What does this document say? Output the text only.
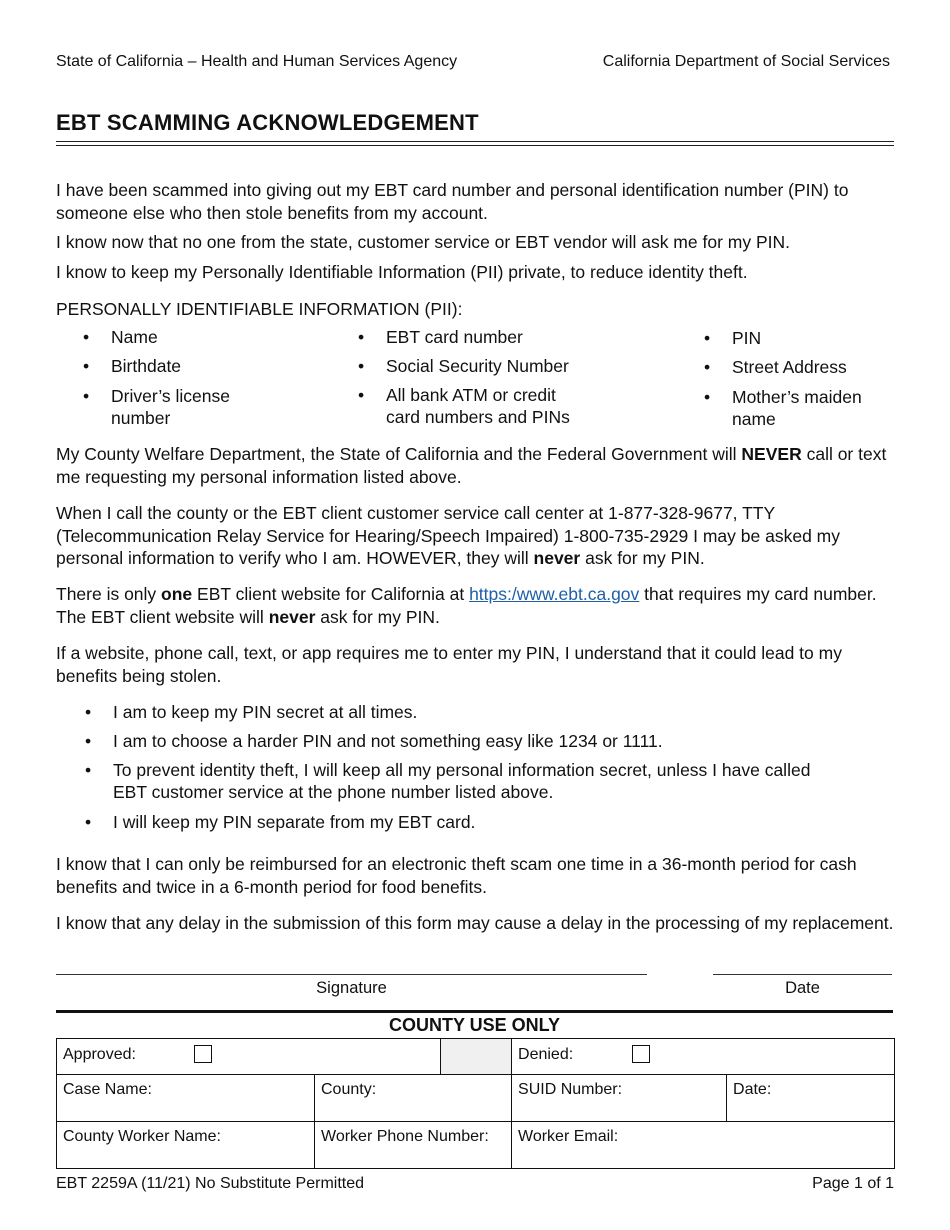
State of California – Health and Human Services Agency	California Department of Social Services
EBT SCAMMING ACKNOWLEDGEMENT

I have been scammed into giving out my EBT card number and personal identification number (PIN) to someone else who then stole benefits from my account.

I know now that no one from the state, customer service or EBT vendor will ask me for my PIN.

I know to keep my Personally Identifiable Information (PII) private, to reduce identity theft.

PERSONALLY IDENTIFIABLE INFORMATION (PII):
• Name
• Birthdate
• Driver’s license
number
• EBT card number
• Social Security Number
• All bank ATM or credit
card numbers and PINs
• PIN
• Street Address
• Mother’s maiden
name

My County Welfare Department, the State of California and the Federal Government will NEVER call or text me requesting my personal information listed above.

When I call the county or the EBT client customer service call center at 1-877-328-9677, TTY (Telecommunication Relay Service for Hearing/Speech Impaired) 1-800-735-2929 I may be asked my personal information to verify who I am. HOWEVER, they will never ask for my PIN.

There is only one EBT client website for California at https:/www.ebt.ca.gov that requires my card number. The EBT client website will never ask for my PIN.

If a website, phone call, text, or app requires me to enter my PIN, I understand that it could lead to my benefits being stolen.

• I am to keep my PIN secret at all times.
• I am to choose a harder PIN and not something easy like 1234 or 1111.
• To prevent identity theft, I will keep all my personal information secret, unless I have called
EBT customer service at the phone number listed above.
• I will keep my PIN separate from my EBT card.

I know that I can only be reimbursed for an electronic theft scam one time in a 36-month period for cash benefits and twice in a 6-month period for food benefits.

I know that any delay in the submission of this form may cause a delay in the processing of my replacement.

Signature	Date
COUNTY USE ONLY
Approved:			Denied:	
Case Name:	County:		SUID Number:	Date:
County Worker Name:	Worker Phone Number:		Worker Email:	
EBT 2259A (11/21) No Substitute Permitted	Page 1 of 1
